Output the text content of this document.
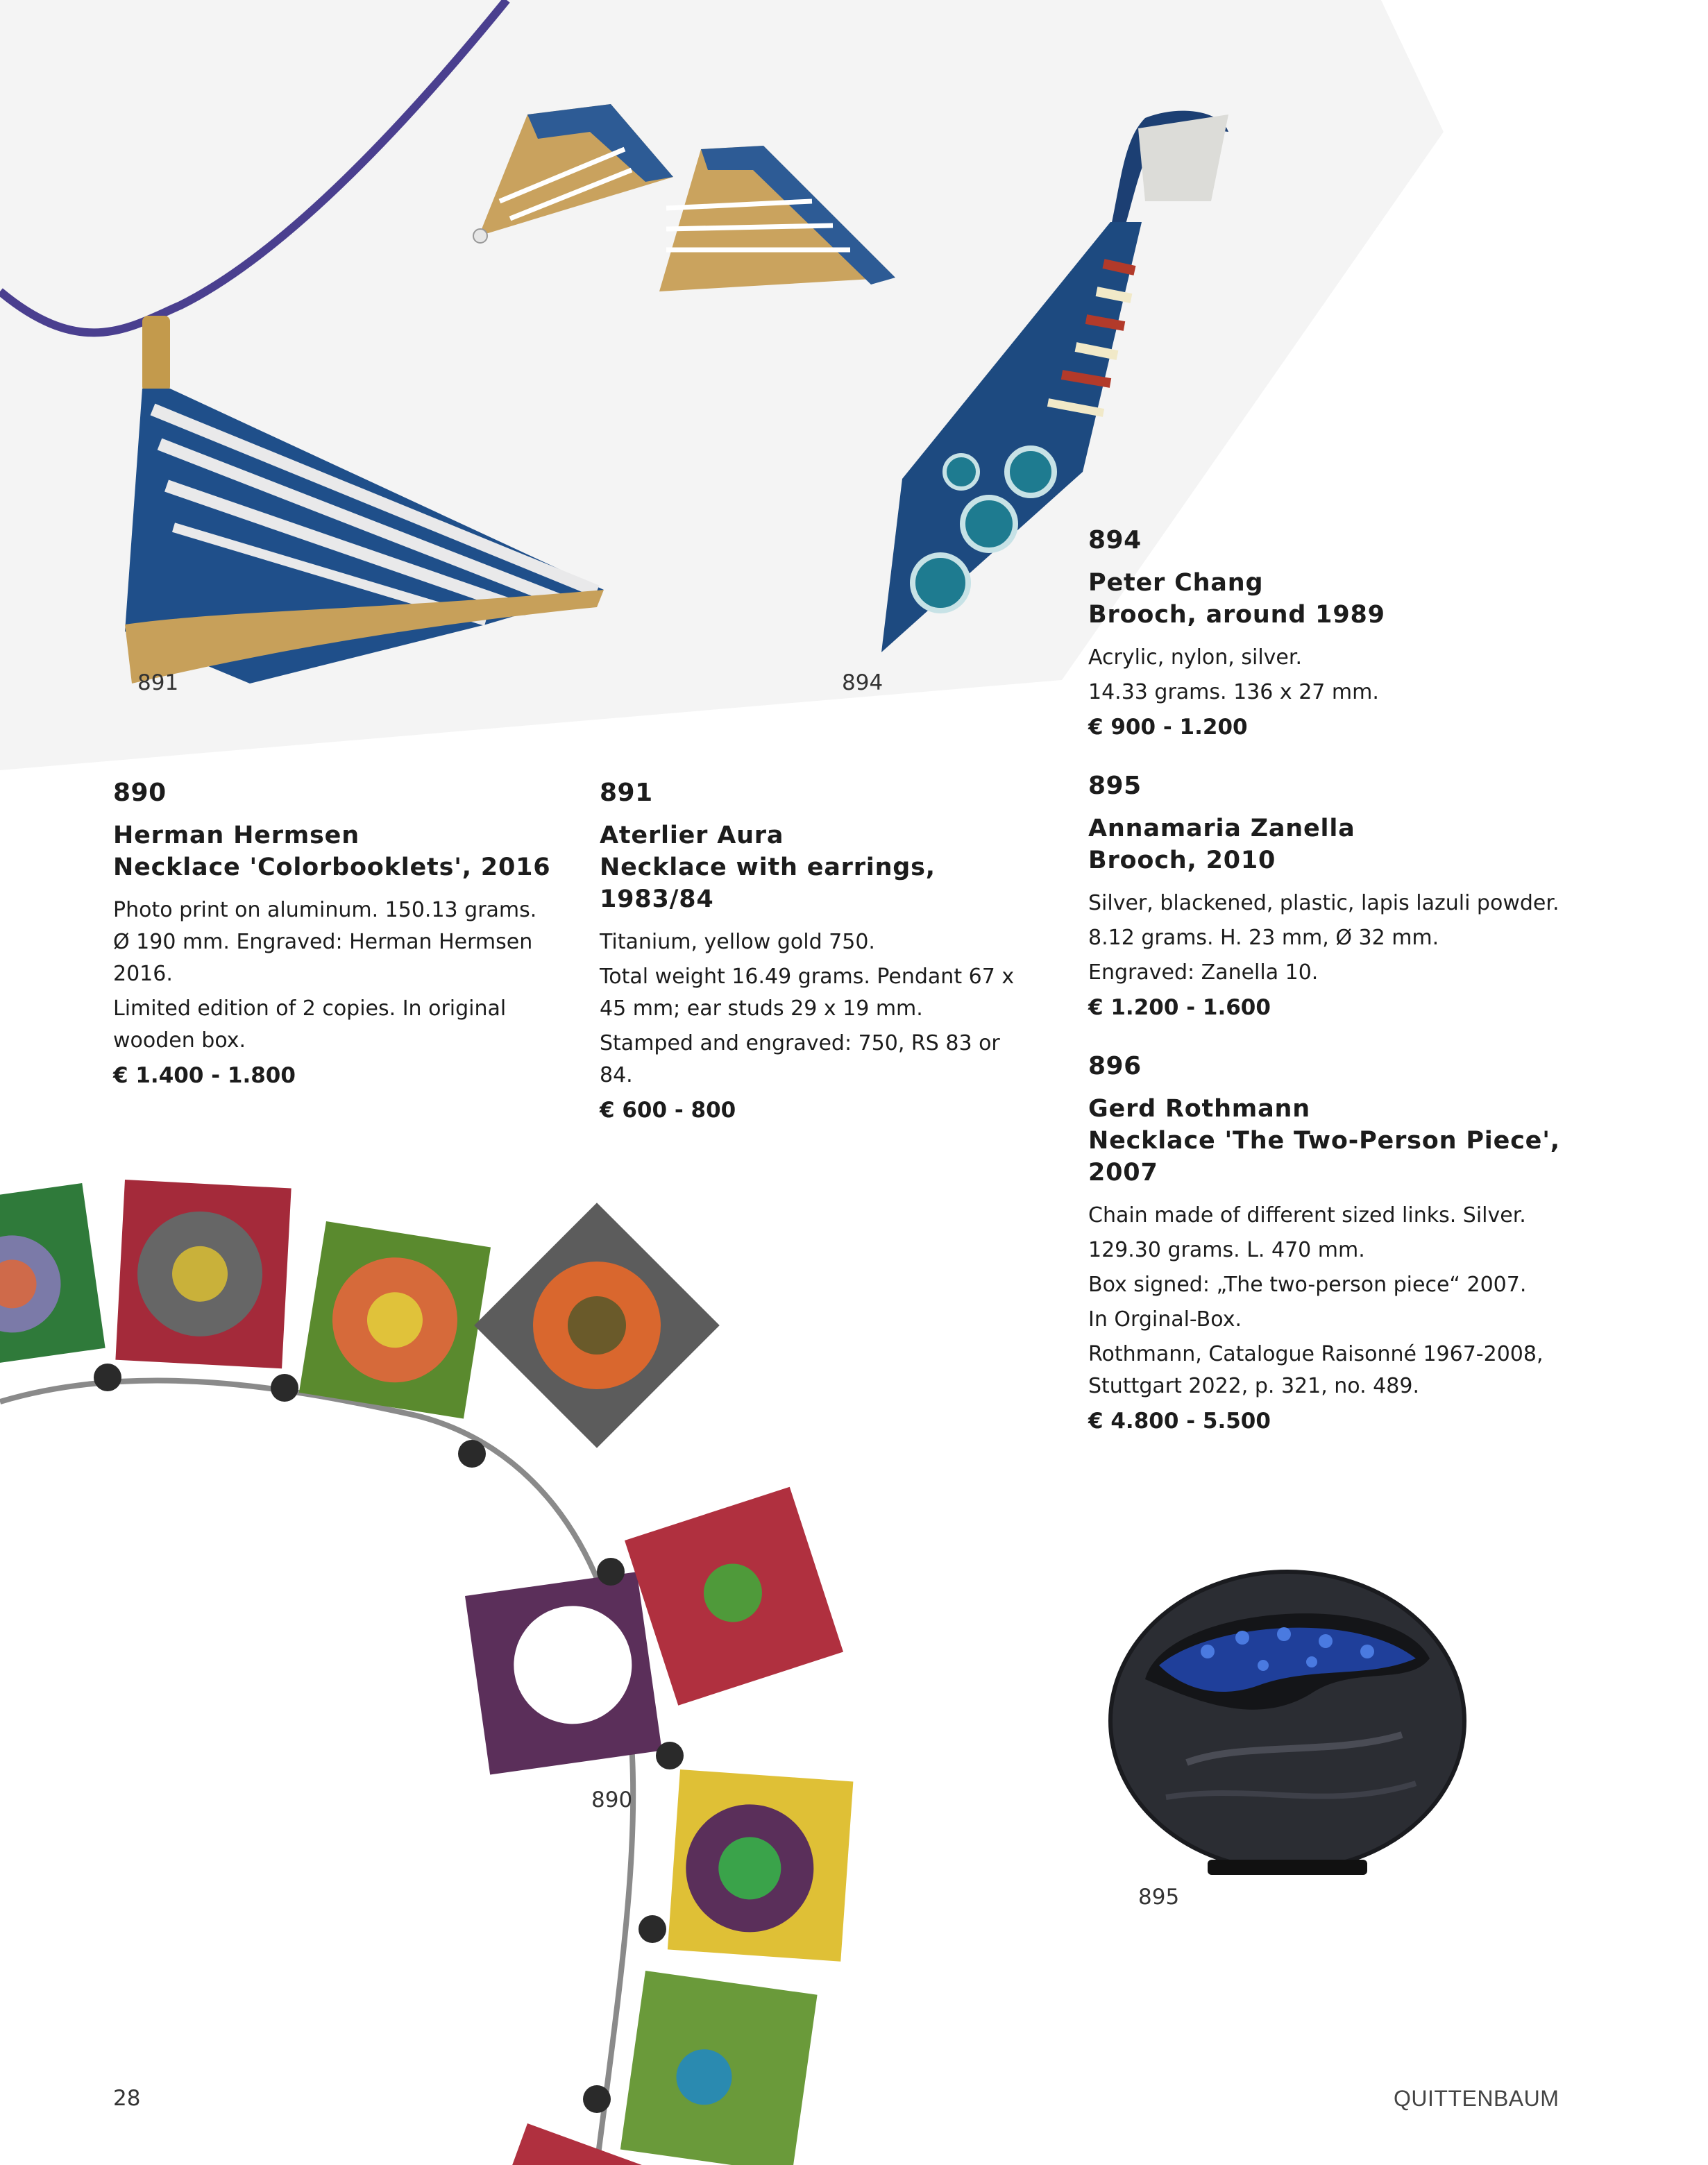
891	894
894
Peter Chang
Brooch, around 1989

Acrylic, nylon, silver.

14.33 grams. 136 x 27 mm.

€ 900 - 1.200
890
Herman Hermsen
Necklace 'Colorbooklets', 2016

Photo print on aluminum. 150.13 grams. Ø 190 mm. Engraved: Herman Hermsen 2016.

Limited edition of 2 copies. In original wooden box.

€ 1.400 - 1.800
891
Aterlier Aura
Necklace with earrings, 1983/84

Titanium, yellow gold 750.

Total weight 16.49 grams. Pendant 67 x 45 mm; ear studs 29 x 19 mm.

Stamped and engraved: 750, RS 83 or 84.

€ 600 - 800
895
Annamaria Zanella
Brooch, 2010

Silver, blackened, plastic, lapis lazuli powder.

8.12 grams. H. 23 mm, Ø 32 mm.

Engraved: Zanella 10.

€ 1.200 - 1.600
896
Gerd Rothmann
Necklace 'The Two-Person Piece', 2007

Chain made of different sized links. Silver.

129.30 grams. L. 470 mm.

Box signed: „The two-person piece“ 2007.

In Orginal-Box.

Rothmann, Catalogue Raisonné 1967-2008, Stuttgart 2022, p. 321, no. 489.

€ 4.800 - 5.500
890
895
28	QUITTENBAUM
